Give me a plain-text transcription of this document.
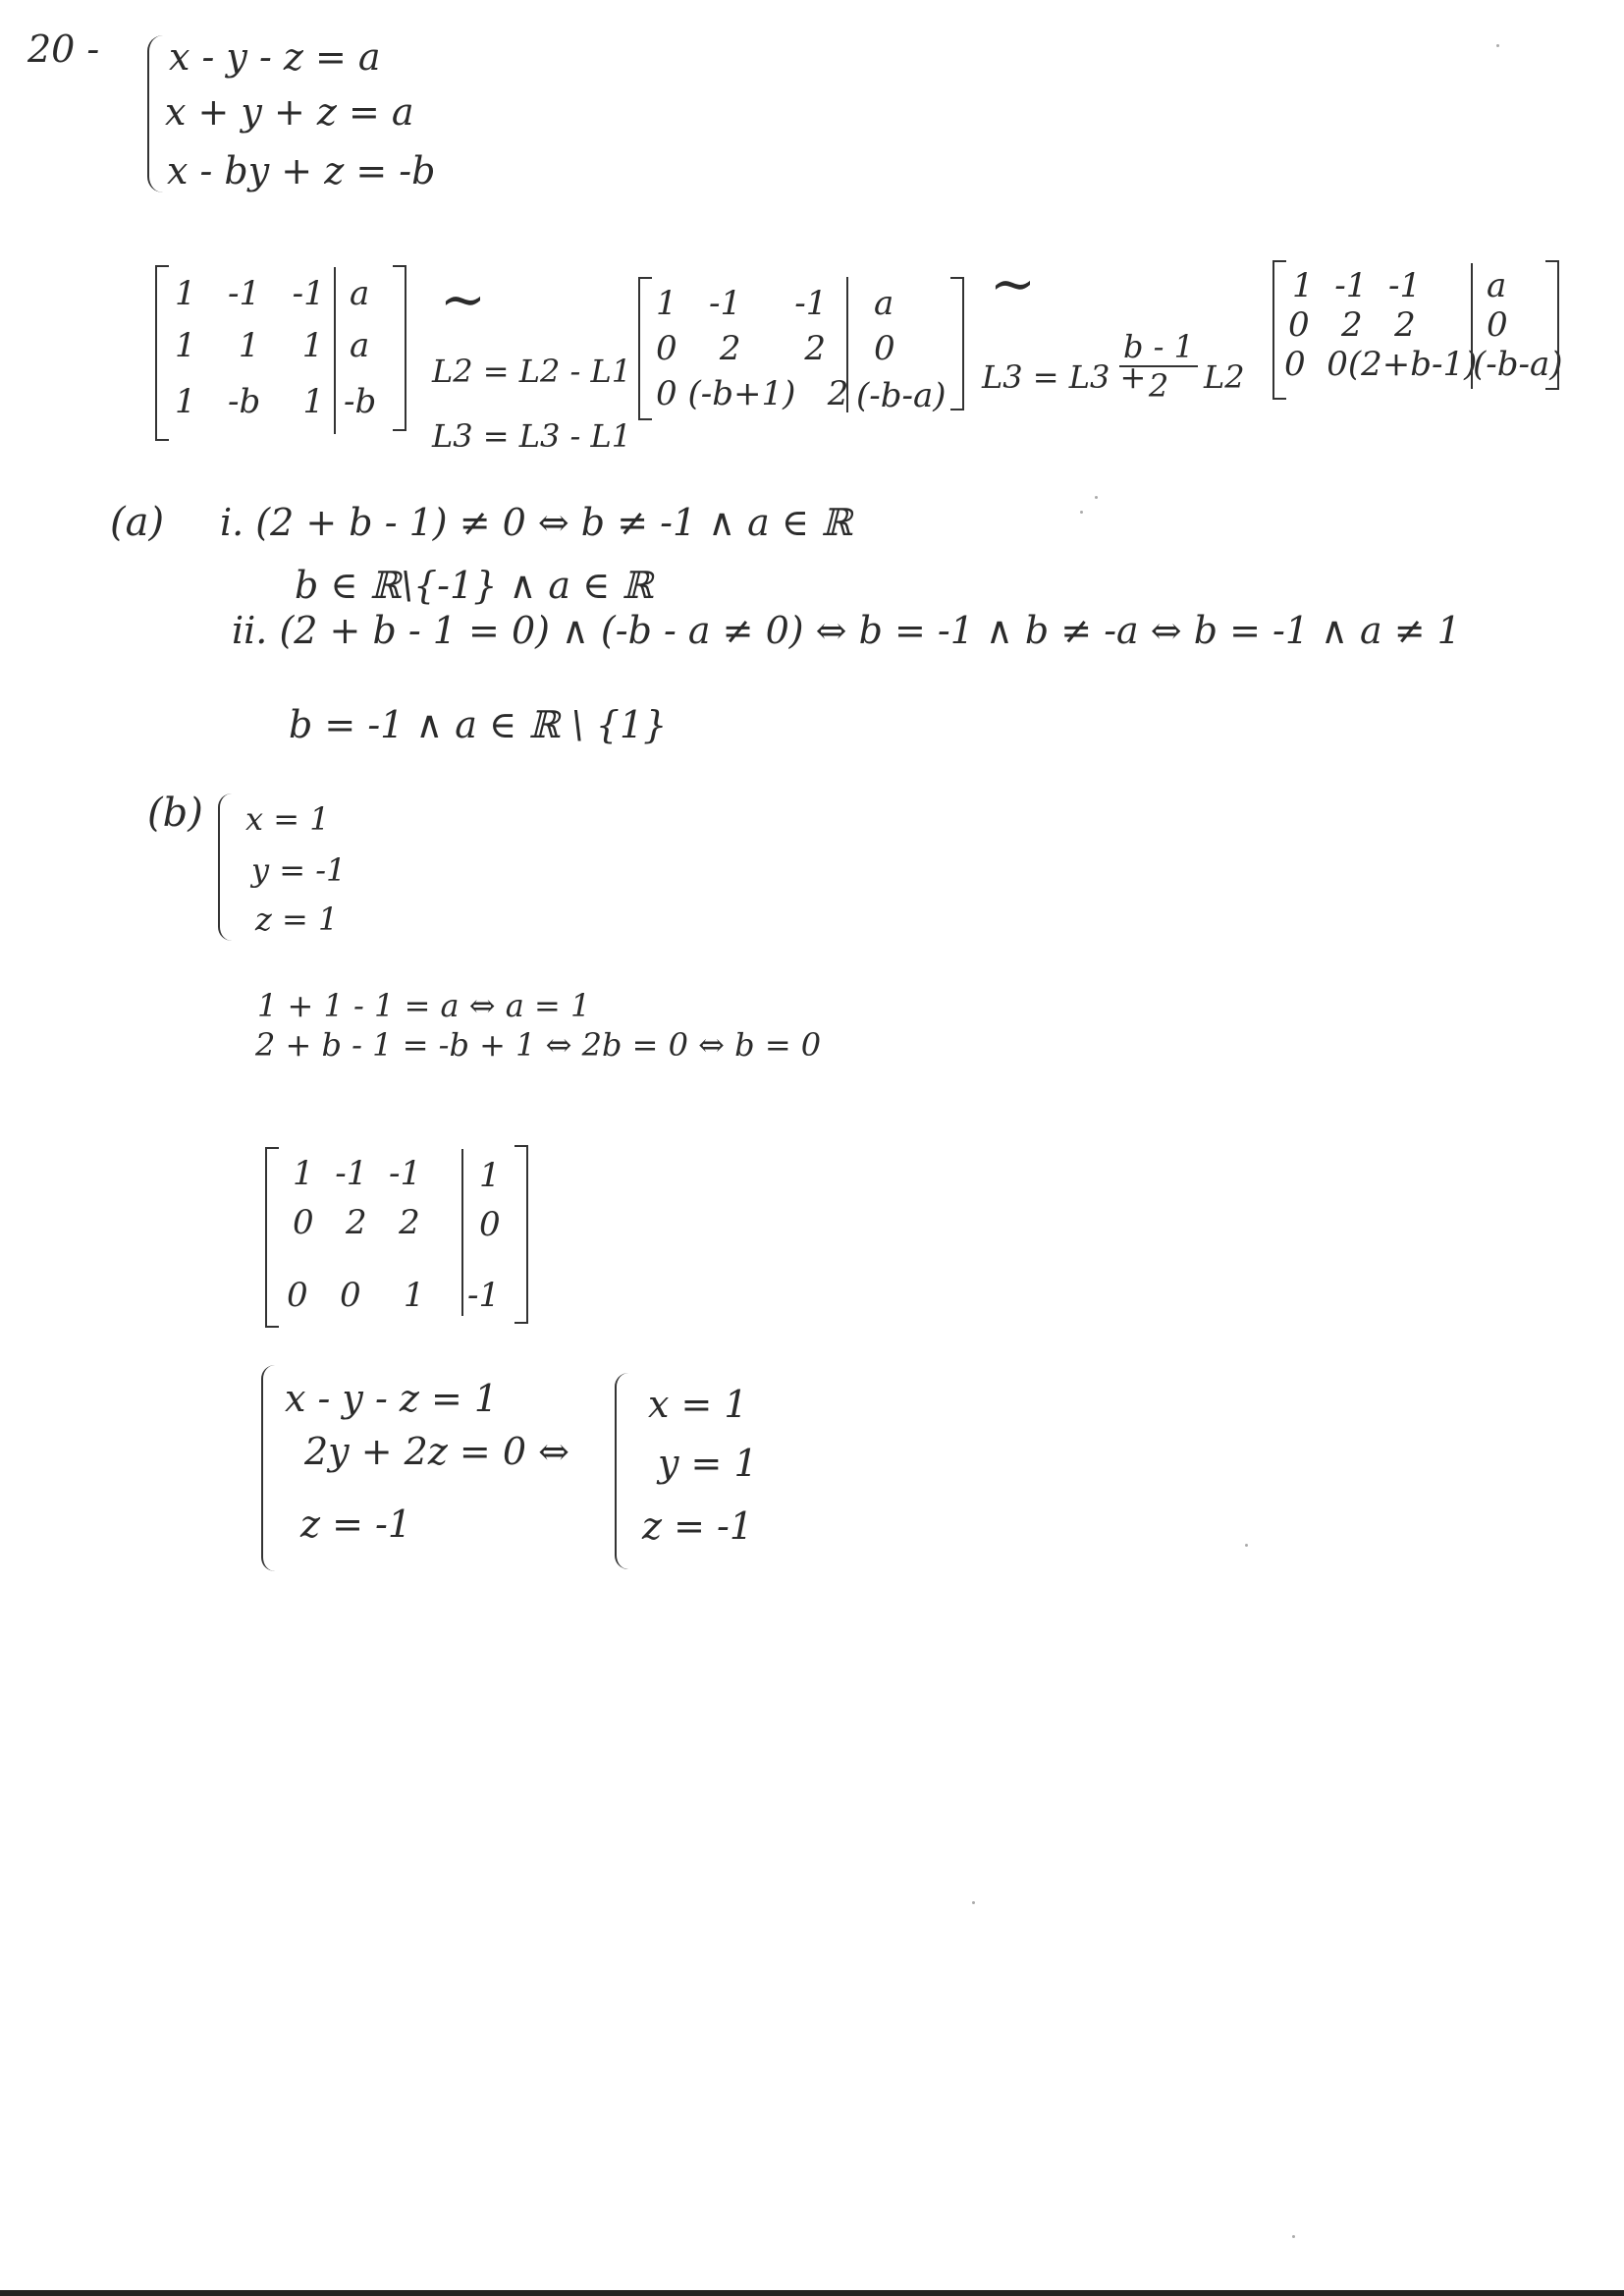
20 - x - y - z = a
x + y + z = a
x - by + z = -b
1   -1   -1
1    1    1
1   -b    1
a
a
-b
∼
L2 = L2 - L1
L3 = L3 - L1
1   -1     -1
0    2      2
0 (-b+1)   2
a
0
(-b-a)
∼
L3 = L3 +
$\frac{b - 1}{2} L2$
1  -1  -1
0   2   2
0  0(2+b-1)
a
0
(-b-a)
(a) i. (2 + b - 1) ≠ 0 ⇔ b ≠ -1 ∧ a ∈ ℝ
b ∈ ℝ\{-1} ∧ a ∈ ℝ
ii. (2 + b - 1 = 0) ∧ (-b - a ≠ 0) ⇔ b = -1 ∧ b ≠ -a ⇔ b = -1 ∧ a ≠ 1
b = -1 ∧ a ∈ ℝ \ {1}
(b) x = 1
y = -1
z = 1
1 + 1 - 1 = a ⇔ a = 1
2 + b - 1 = -b + 1 ⇔ 2b = 0 ⇔ b = 0
1  -1  -1
0   2   2
0   0    1
1
0
-1
x - y - z = 1
2y + 2z = 0 ⇔
z = -1
x = 1
y = 1
z = -1
